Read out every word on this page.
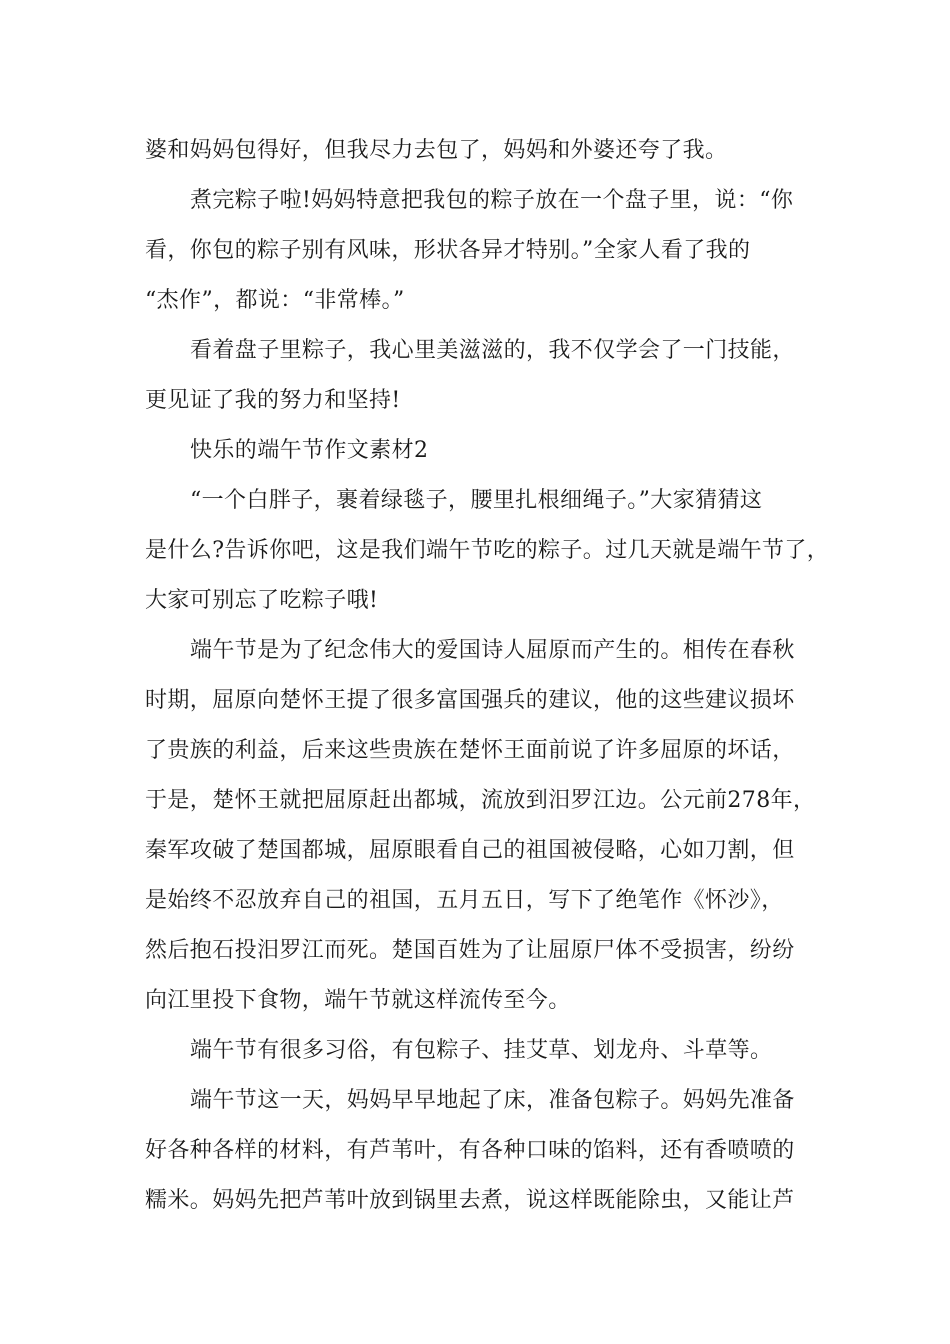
婆和妈妈包得好，但我尽力去包了，妈妈和外婆还夸了我。
煮完粽子啦!妈妈特意把我包的粽子放在一个盘子里，说：“你
看，你包的粽子别有风味，形状各异才特别。”全家人看了我的
“杰作”，都说：“非常棒。”
看着盘子里粽子，我心里美滋滋的，我不仅学会了一门技能，
更见证了我的努力和坚持!
快乐的端午节作文素材2
“一个白胖子，裹着绿毯子，腰里扎根细绳子。”大家猜猜这
是什么?告诉你吧，这是我们端午节吃的粽子。过几天就是端午节了，
大家可别忘了吃粽子哦!
端午节是为了纪念伟大的爱国诗人屈原而产生的。相传在春秋
时期，屈原向楚怀王提了很多富国强兵的建议，他的这些建议损坏
了贵族的利益，后来这些贵族在楚怀王面前说了许多屈原的坏话，
于是，楚怀王就把屈原赶出都城，流放到汨罗江边。公元前278年，
秦军攻破了楚国都城，屈原眼看自己的祖国被侵略，心如刀割，但
是始终不忍放弃自己的祖国，五月五日，写下了绝笔作《怀沙》，
然后抱石投汨罗江而死。楚国百姓为了让屈原尸体不受损害，纷纷
向江里投下食物，端午节就这样流传至今。
端午节有很多习俗，有包粽子、挂艾草、划龙舟、斗草等。
端午节这一天，妈妈早早地起了床，准备包粽子。妈妈先准备
好各种各样的材料，有芦苇叶，有各种口味的馅料，还有香喷喷的
糯米。妈妈先把芦苇叶放到锅里去煮，说这样既能除虫，又能让芦
